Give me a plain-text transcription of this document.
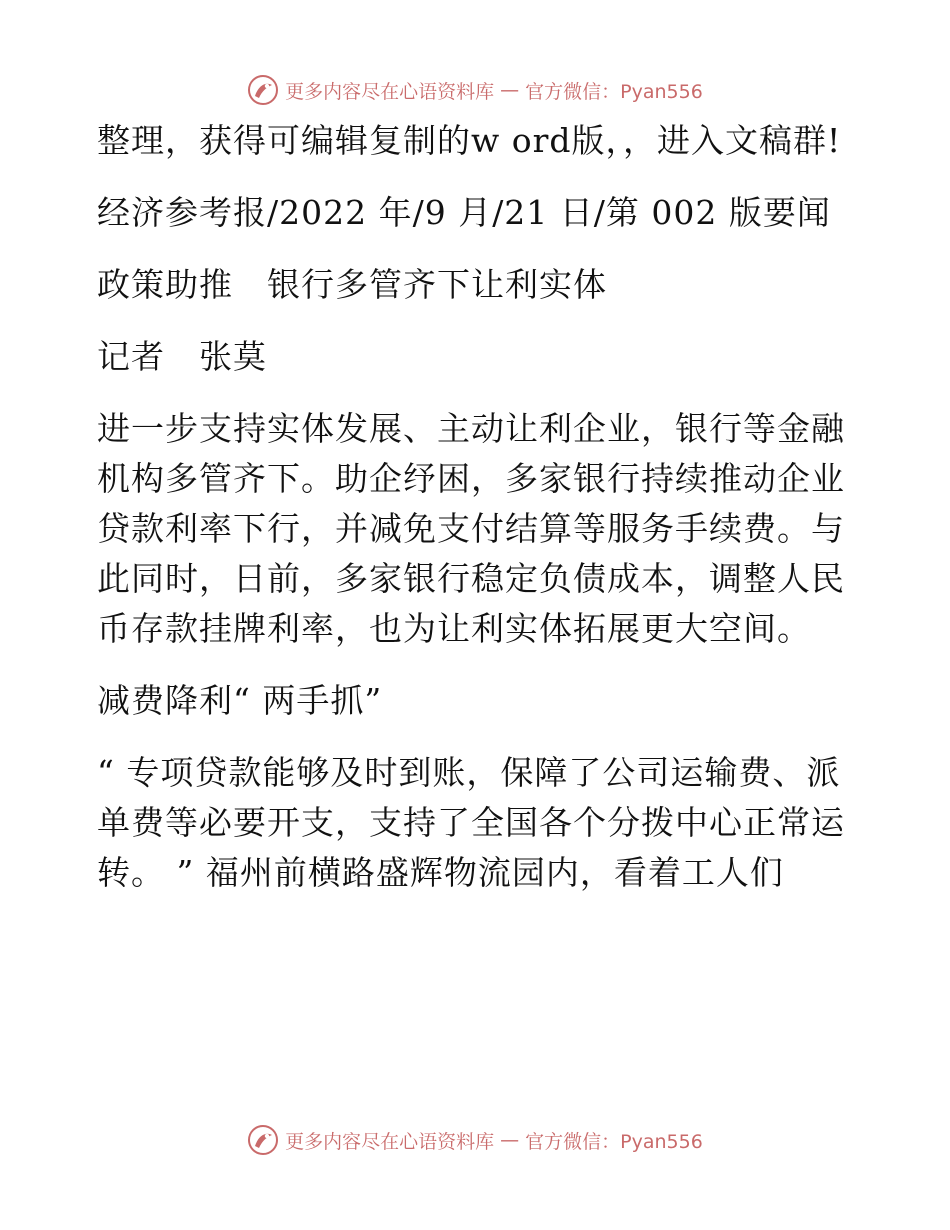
更多内容尽在心语资料库 — 官方微信：Pyan556

整理，获得可编辑复制的w ord版，，进入文稿群!

经济参考报/2022 年/9 月/21 日/第 002 版要闻

政策助推　银行多管齐下让利实体

记者　张莫

进一步支持实体发展、主动让利企业，银行等金融机构多管齐下。助企纾困，多家银行持续推动企业贷款利率下行，并减免支付结算等服务手续费。与此同时，日前，多家银行稳定负债成本，调整人民币存款挂牌利率，也为让利实体拓展更大空间。

减费降利“ 两手抓”

“ 专项贷款能够及时到账，保障了公司运输费、派单费等必要开支，支持了全国各个分拨中心正常运转。 ” 福州前横路盛辉物流园内，看着工人们

更多内容尽在心语资料库 — 官方微信：Pyan556
